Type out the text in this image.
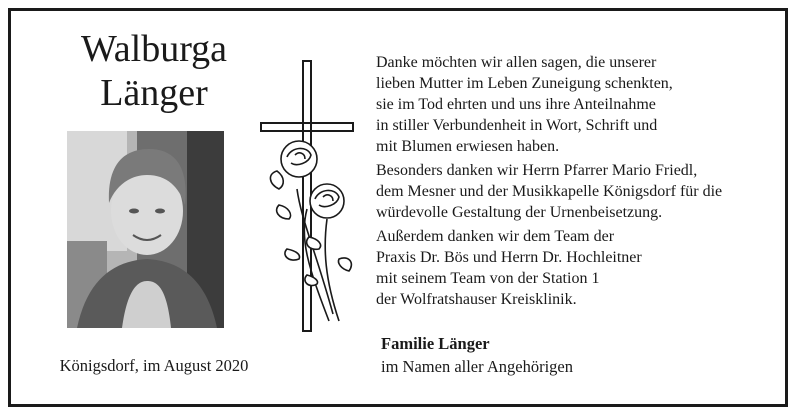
Walburga
Länger
Königsdorf, im August 2020

Danke möchten wir allen sagen, die unserer
lieben Mutter im Leben Zuneigung schenkten,
sie im Tod ehrten und uns ihre Anteilnahme
in stiller Verbundenheit in Wort, Schrift und
mit Blumen erwiesen haben.

Besonders danken wir Herrn Pfarrer Mario Friedl,
dem Mesner und der Musikkapelle Königsdorf für die
würdevolle Gestaltung der Urnenbeisetzung.

Außerdem danken wir dem Team der
Praxis Dr. Bös und Herrn Dr. Hochleitner
mit seinem Team von der Station 1
der Wolfratshauser Kreisklinik.

Familie Länger
im Namen aller Angehörigen
